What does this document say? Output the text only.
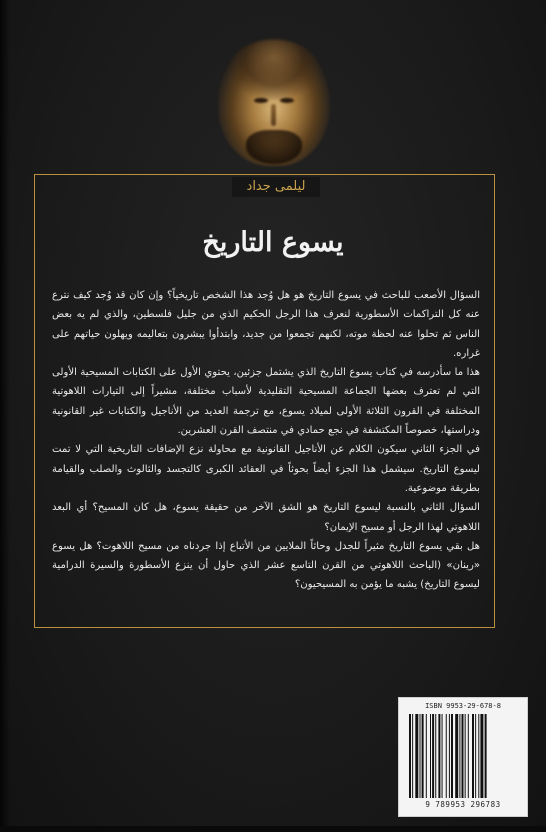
ليلمى جداد
يسوع التاريخ

السؤال الأصعب للباحث في يسوع التاريخ هو هل وُجد هذا الشخص تاريخياً؟ وإن كان قد وُجد كيف نترع عنه كل التراكمات الأسطورية لنعرف هذا الرجل الحكيم الذي من جليل فلسطين، والذي لم يه بعض الناس ثم تحلوا عنه لحظة موته، لكنهم تجمعوا من جديد، وابتدأوا يبشرون بتعاليمه ويهلون حياتهم على غراره.

هذا ما سأدرسه في كتاب يسوع التاريخ الذي يشتمل جزئين، يحتوي الأول على الكتابات المسيحية الأولى التي لم تعترف بعضها الجماعة المسيحية التقليدية لأسباب مختلفة، مشيراً إلى التيارات اللاهوتية المختلفة في القرون الثلاثة الأولى لميلاد يسوع، مع ترجمة العديد من الأناجيل والكتابات غير القانونية ودراستها، خصوصاً المكتشفة في نجع حمادي في منتصف القرن العشرين.

في الجزء الثاني سيكون الكلام عن الأناجيل القانونية مع محاولة نزع الإضافات التاريخية التي لا تمت ليسوع التاريخ. سيشمل هذا الجزء أيضاً بحوثاً في العقائد الكبرى كالتجسد والثالوث والصلب والقيامة بطريقة موضوعية.

السؤال الثاني بالنسبة ليسوع التاريخ هو الشق الآخر من حقيقة يسوع، هل كان المسيح؟ أي البعد اللاهوتي لهذا الرجل أو مسيح الإيمان؟

هل بقي يسوع التاريخ مثيراً للجدل وحاثاً الملايين من الأتباع إذا جردناه من مسيح اللاهوت؟ هل يسوع «رينان» (الباحث اللاهوتي من القرن التاسع عشر الذي حاول أن ينزع الأسطورة والسيرة الدرامية ليسوع التاريخ) يشبه ما يؤمن به المسيحيون؟

ISBN 9953-29-678-8
9 789953 296783
